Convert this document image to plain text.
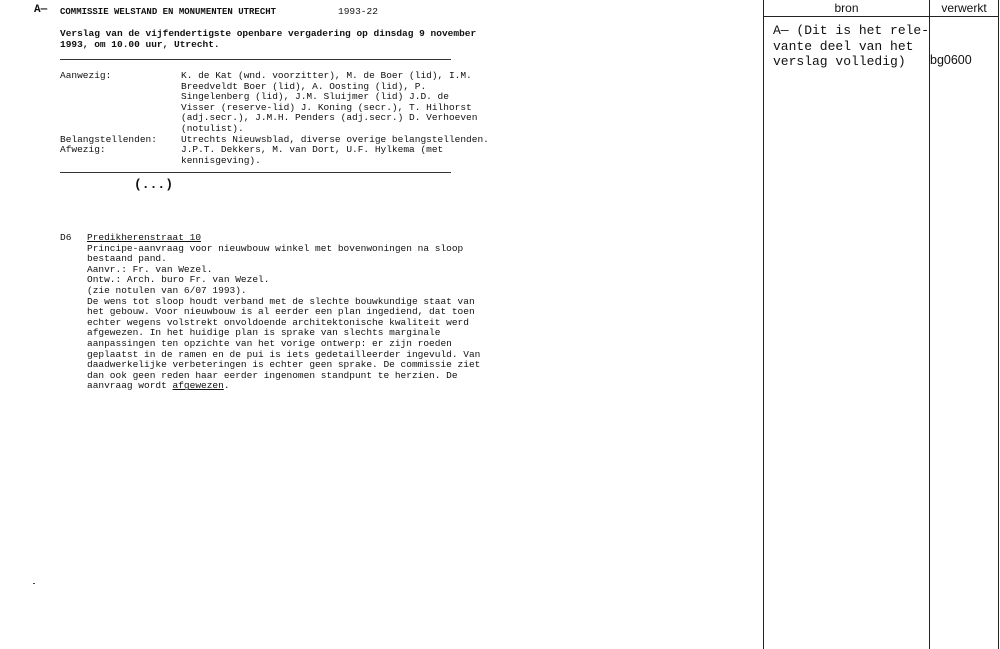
A— COMMISSIE WELSTAND EN MONUMENTEN UTRECHT	1993-22
Verslag van de vijfendertigste openbare vergadering op dinsdag 9 november
1993, om 10.00 uur, Utrecht.
Aanwezig:	K. de Kat (wnd. voorzitter), M. de Boer (lid), I.M.
Breedveldt Boer (lid), A. Oosting (lid), P.
Singelenberg (lid), J.M. Sluijmer (lid) J.D. de
Visser (reserve-lid) J. Koning (secr.), T. Hilhorst
(adj.secr.), J.M.H. Penders (adj.secr.) D. Verhoeven
(notulist).
Belangstellenden:	Utrechts Nieuwsblad, diverse overige belangstellenden.
Afwezig:	J.P.T. Dekkers, M. van Dort, U.F. Hylkema (met
kennisgeving).
(...)
D6 Predikherenstraat 10
Principe-aanvraag voor nieuwbouw winkel met bovenwoningen na sloop
bestaand pand.
Aanvr.: Fr. van Wezel.
Ontw.: Arch. buro Fr. van Wezel.
(zie notulen van 6/07 1993).
De wens tot sloop houdt verband met de slechte bouwkundige staat van
het gebouw. Voor nieuwbouw is al eerder een plan ingediend, dat toen
echter wegens volstrekt onvoldoende architektonische kwaliteit werd
afgewezen. In het huidige plan is sprake van slechts marginale
aanpassingen ten opzichte van het vorige ontwerp: er zijn roeden
geplaatst in de ramen en de pui is iets gedetailleerder ingevuld. Van
daadwerkelijke verbeteringen is echter geen sprake. De commissie ziet
dan ook geen reden haar eerder ingenomen standpunt te herzien. De
aanvraag wordt afgewezen.
bron	verwerkt
A— (Dit is het rele-
vante deel van het
verslag volledig)	bg0600
